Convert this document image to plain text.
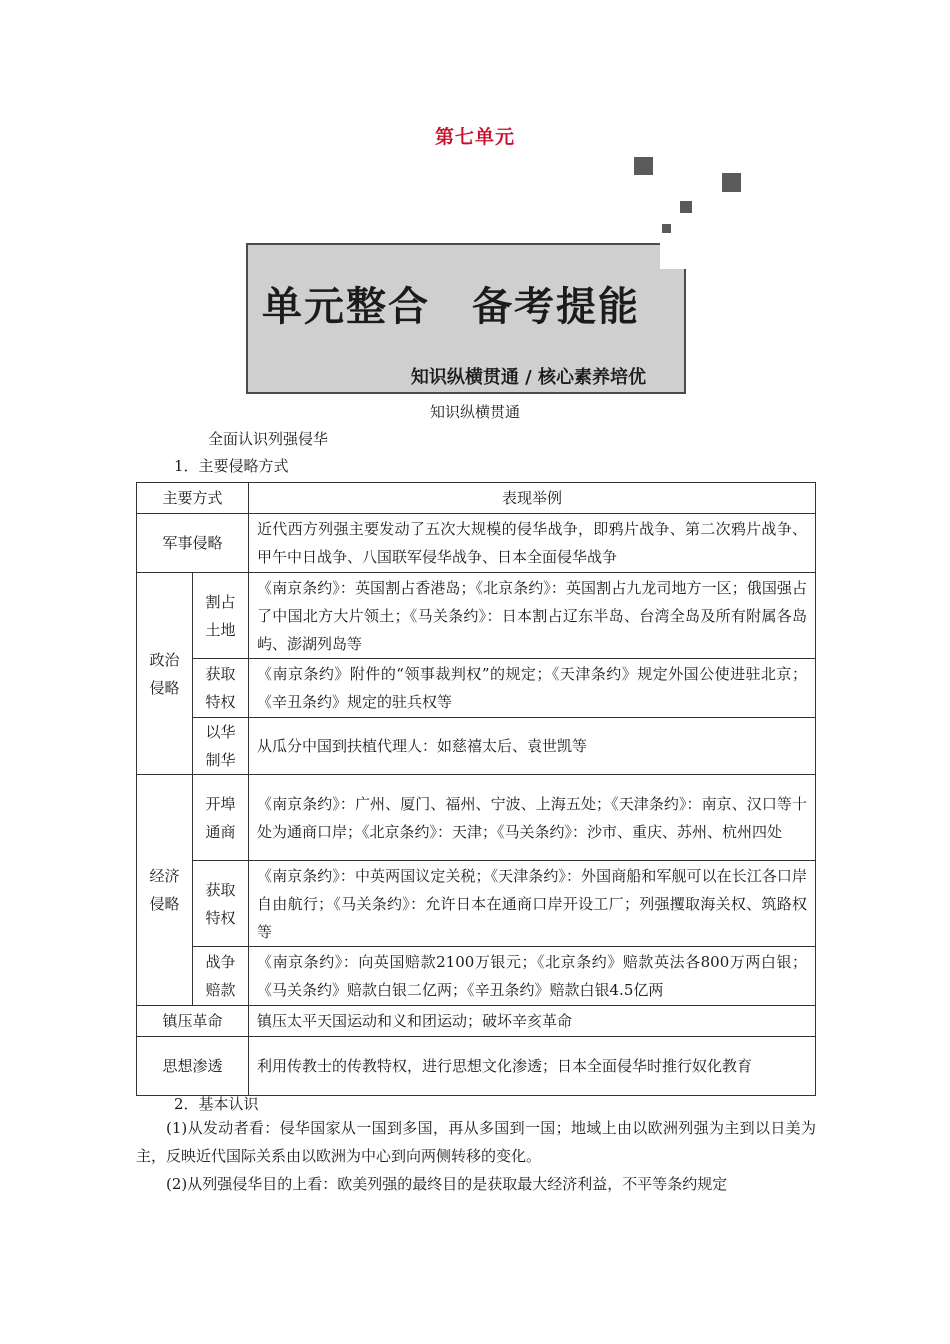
第七单元
单元整合　备考提能
知识纵横贯通 / 核心素养培优
知识纵横贯通
全面认识列强侵华
1．主要侵略方式
主要方式		表现举例
军事侵略		近代西方列强主要发动了五次大规模的侵华战争，即鸦片战争、第二次鸦片战争、甲午中日战争、八国联军侵华战争、日本全面侵华战争
政治侵略	割占土地	《南京条约》：英国割占香港岛；《北京条约》：英国割占九龙司地方一区；俄国强占了中国北方大片领土；《马关条约》：日本割占辽东半岛、台湾全岛及所有附属各岛屿、澎湖列岛等
	获取特权	《南京条约》附件的“领事裁判权”的规定；《天津条约》规定外国公使进驻北京；《辛丑条约》规定的驻兵权等
	以华制华	从瓜分中国到扶植代理人：如慈禧太后、袁世凯等
经济侵略	开埠通商	《南京条约》：广州、厦门、福州、宁波、上海五处；《天津条约》：南京、汉口等十处为通商口岸；《北京条约》：天津；《马关条约》：沙市、重庆、苏州、杭州四处
	获取特权	《南京条约》：中英两国议定关税；《天津条约》：外国商船和军舰可以在长江各口岸自由航行；《马关条约》：允许日本在通商口岸开设工厂；列强攫取海关权、筑路权等
	战争赔款	《南京条约》：向英国赔款2100万银元；《北京条约》赔款英法各800万两白银；《马关条约》赔款白银二亿两；《辛丑条约》赔款白银4.5亿两
镇压革命		镇压太平天国运动和义和团运动；破坏辛亥革命
思想渗透		利用传教士的传教特权，进行思想文化渗透；日本全面侵华时推行奴化教育
2．基本认识
(1)从发动者看：侵华国家从一国到多国，再从多国到一国；地域上由以欧洲列强为主到以日美为主，反映近代国际关系由以欧洲为中心到向两侧转移的变化。
(2)从列强侵华目的上看：欧美列强的最终目的是获取最大经济利益，不平等条约规定
